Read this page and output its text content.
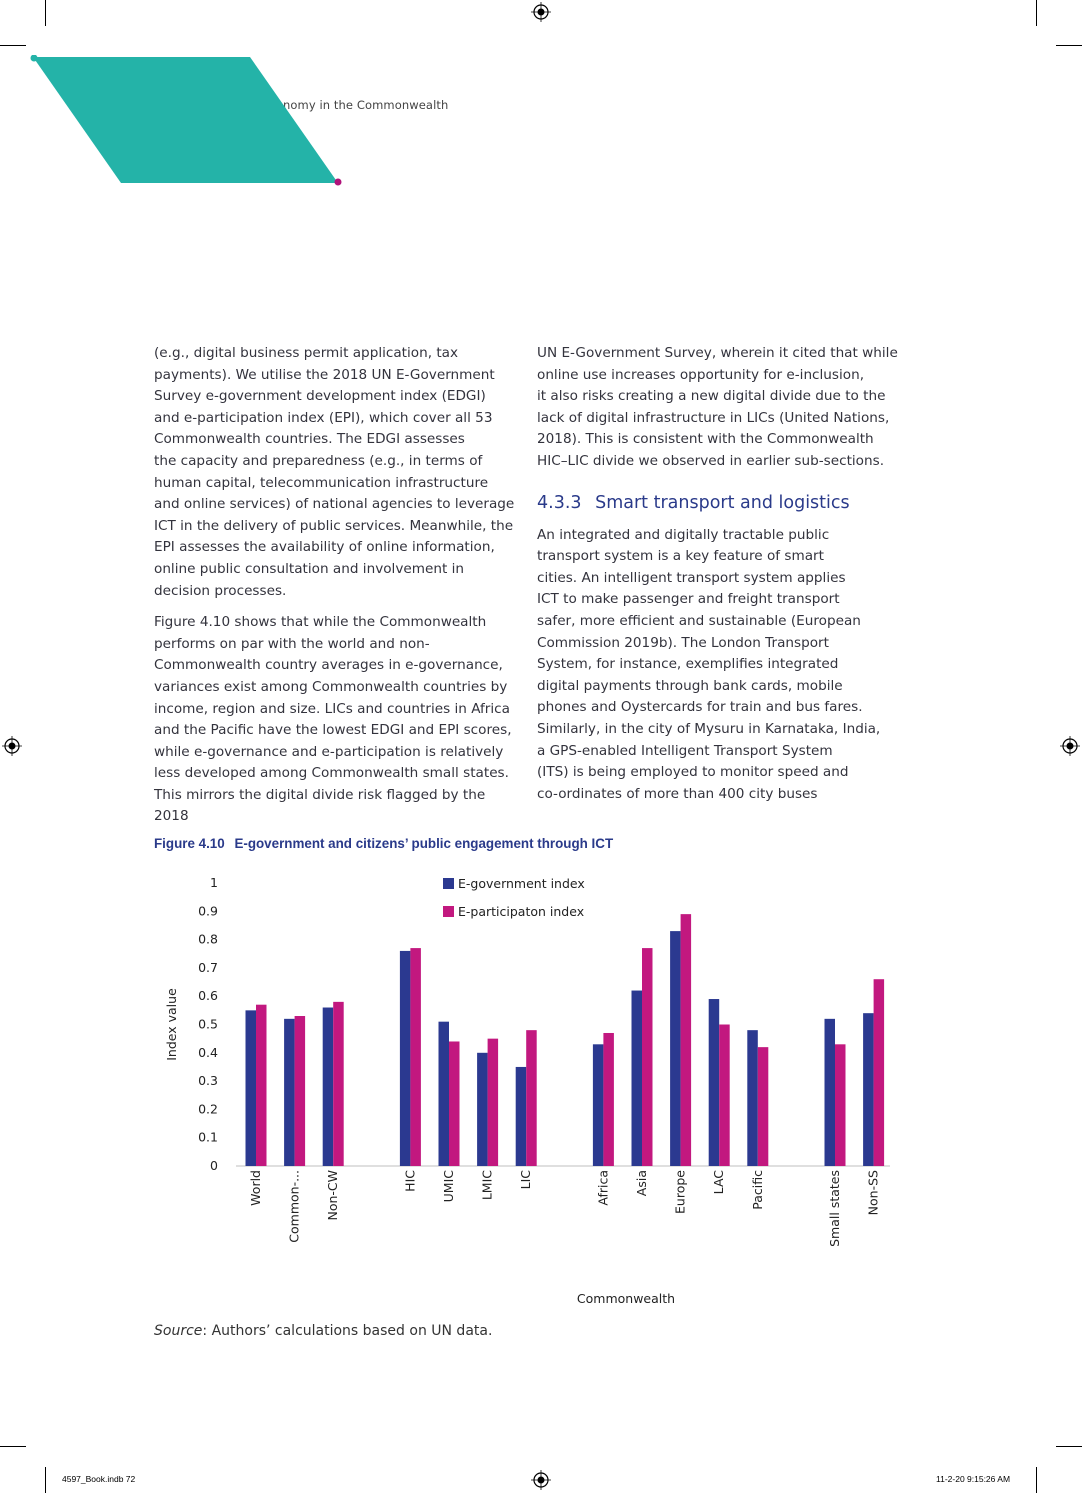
nomy in the Commonwealth

(e.g., digital business permit application, tax
payments). We utilise the 2018 UN E-Government
Survey e-government development index (EDGI)
and e-participation index (EPI), which cover all 53
Commonwealth countries. The EDGI assesses
the capacity and preparedness (e.g., in terms of
human capital, telecommunication infrastructure
and online services) of national agencies to leverage
ICT in the delivery of public services. Meanwhile, the
EPI assesses the availability of online information,
online public consultation and involvement in
decision processes.

Figure 4.10 shows that while the Commonwealth
performs on par with the world and non-
Commonwealth country averages in e-governance,
variances exist among Commonwealth countries by
income, region and size. LICs and countries in Africa
and the Pacific have the lowest EDGI and EPI scores,
while e-governance and e-participation is relatively
less developed among Commonwealth small states.
This mirrors the digital divide risk flagged by the 2018

UN E-Government Survey, wherein it cited that while
online use increases opportunity for e-inclusion,
it also risks creating a new digital divide due to the
lack of digital infrastructure in LICs (United Nations,
2018). This is consistent with the Commonwealth
HIC–LIC divide we observed in earlier sub-sections.

4.3.3 Smart transport and logistics

An integrated and digitally tractable public
transport system is a key feature of smart
cities. An intelligent transport system applies
ICT to make passenger and freight transport
safer, more efficient and sustainable (European
Commission 2019b). The London Transport
System, for instance, exemplifies integrated
digital payments through bank cards, mobile
phones and Oystercards for train and bus fares.
Similarly, in the city of Mysuru in Karnataka, India,
a GPS-enabled Intelligent Transport System
(ITS) is being employed to monitor speed and
co-ordinates of more than 400 city buses

Figure 4.10 E-government and citizens’ public engagement through ICT
0
0.1
0.2
0.3
0.4
0.5
0.6
0.7
0.8
0.9
1
Index value
World Common-... Non-CW	HIC UMIC LMIC LIC	Africa Asia Europe LAC Pacific	Small states Non-SS
E-government index
E-participaton index
Commonwealth
Source: Authors’ calculations based on UN data.
4597_Book.indb 72	11-2-20 9:15:26 AM
